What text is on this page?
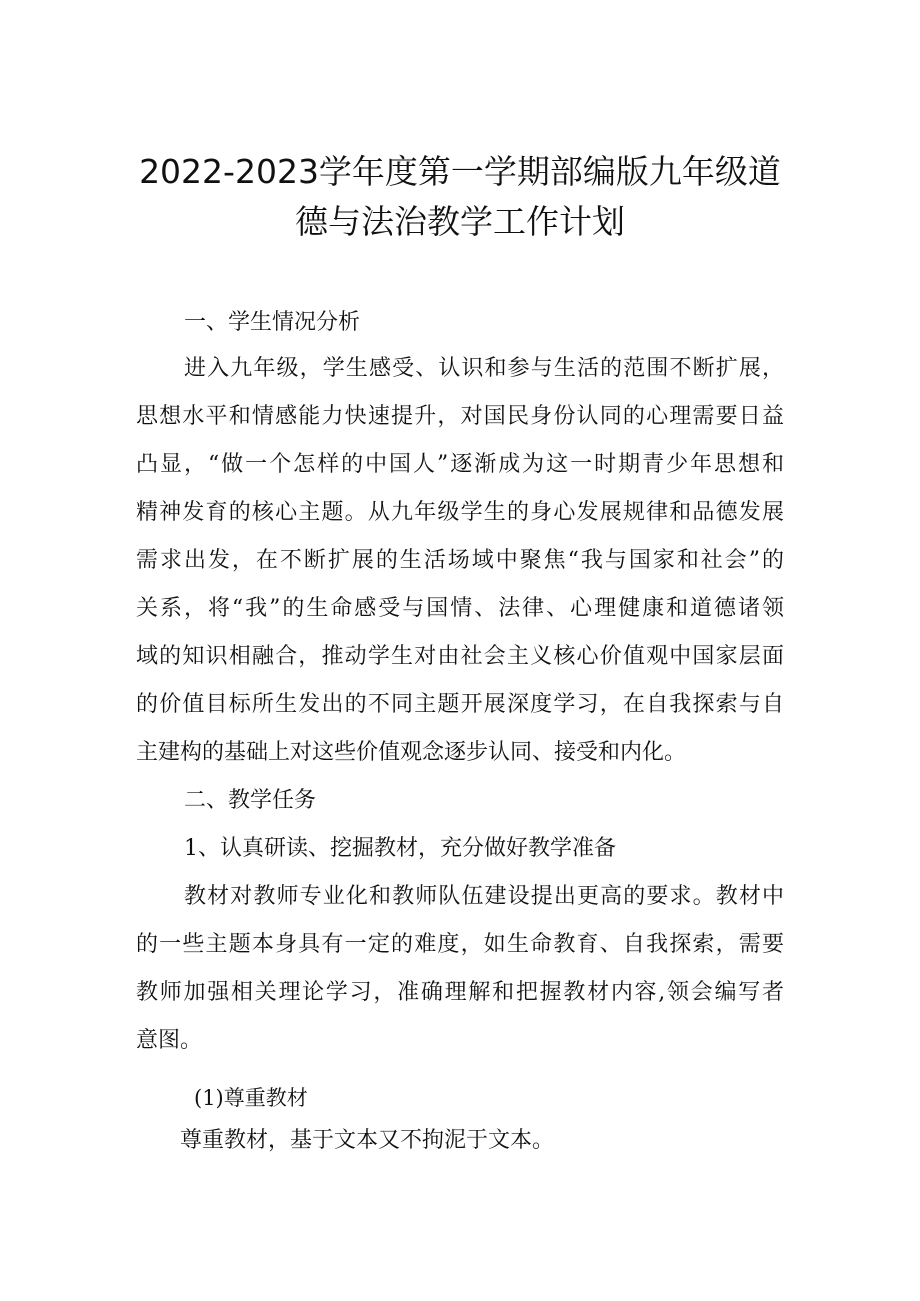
2022-2023学年度第一学期部编版九年级道
德与法治教学工作计划
一、学生情况分析
进入九年级，学生感受、认识和参与生活的范围不断扩展，
思想水平和情感能力快速提升，对国民身份认同的心理需要日益
凸显，“做一个怎样的中国人”逐渐成为这一时期青少年思想和
精神发育的核心主题。从九年级学生的身心发展规律和品德发展
需求出发，在不断扩展的生活场域中聚焦“我与国家和社会”的
关系，将“我”的生命感受与国情、法律、心理健康和道德诸领
域的知识相融合，推动学生对由社会主义核心价值观中国家层面
的价值目标所生发出的不同主题开展深度学习，在自我探索与自
主建构的基础上对这些价值观念逐步认同、接受和内化。
二、教学任务
1、认真研读、挖掘教材，充分做好教学准备
教材对教师专业化和教师队伍建设提出更高的要求。教材中
的一些主题本身具有一定的难度，如生命教育、自我探索，需要
教师加强相关理论学习，准确理解和把握教材内容,领会编写者
意图。
(1)尊重教材
尊重教材，基于文本又不拘泥于文本。
